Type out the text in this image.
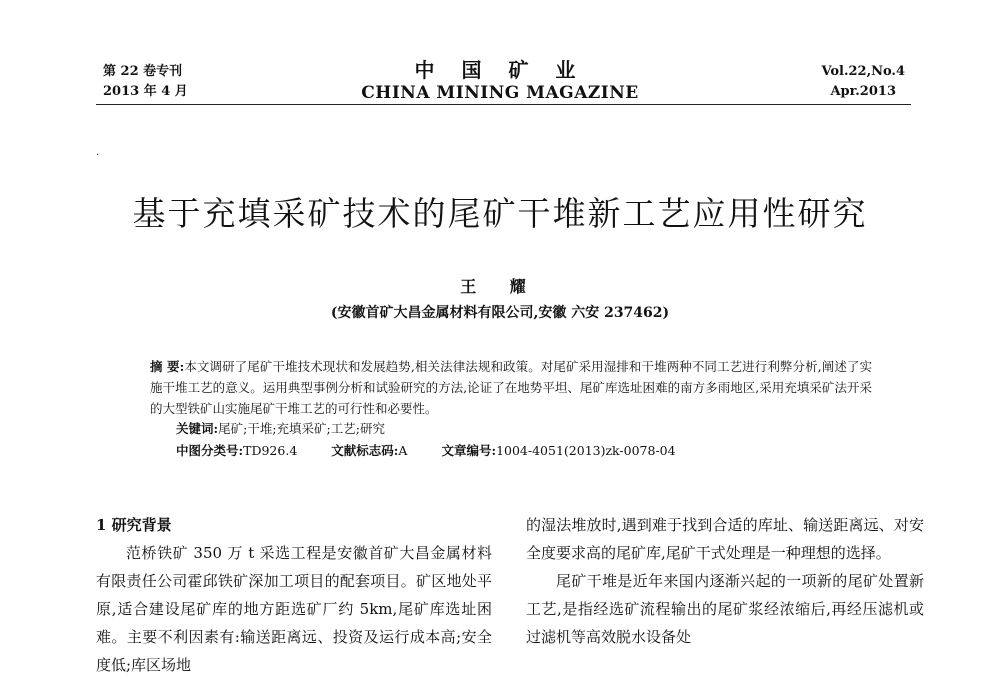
第 22 卷专刊
2013 年 4 月
中 国 矿 业
CHINA MINING MAGAZINE
Vol.22,No.4
Apr.2013
·
基于充填采矿技术的尾矿干堆新工艺应用性研究
王 耀
(安徽首矿大昌金属材料有限公司,安徽 六安 237462)
摘 要:本文调研了尾矿干堆技术现状和发展趋势,相关法律法规和政策。对尾矿采用湿排和干堆两种不同工艺进行利弊分析,阐述了实施干堆工艺的意义。运用典型事例分析和试验研究的方法,论证了在地势平坦、尾矿库选址困难的南方多雨地区,采用充填采矿法开采的大型铁矿山实施尾矿干堆工艺的可行性和必要性。
关键词:尾矿;干堆;充填采矿;工艺;研究
中图分类号:TD926.4	文献标志码:A	文章编号:1004-4051(2013)zk-0078-04

1 研究背景

范桥铁矿 350 万 t 采选工程是安徽首矿大昌金属材料有限责任公司霍邱铁矿深加工项目的配套项目。矿区地处平原,适合建设尾矿库的地方距选矿厂约 5km,尾矿库选址困难。主要不利因素有:输送距离远、投资及运行成本高;安全度低;库区场地

的湿法堆放时,遇到难于找到合适的库址、输送距离远、对安全度要求高的尾矿库,尾矿干式处理是一种理想的选择。

尾矿干堆是近年来国内逐渐兴起的一项新的尾矿处置新工艺,是指经选矿流程输出的尾矿浆经浓缩后,再经压滤机或过滤机等高效脱水设备处
